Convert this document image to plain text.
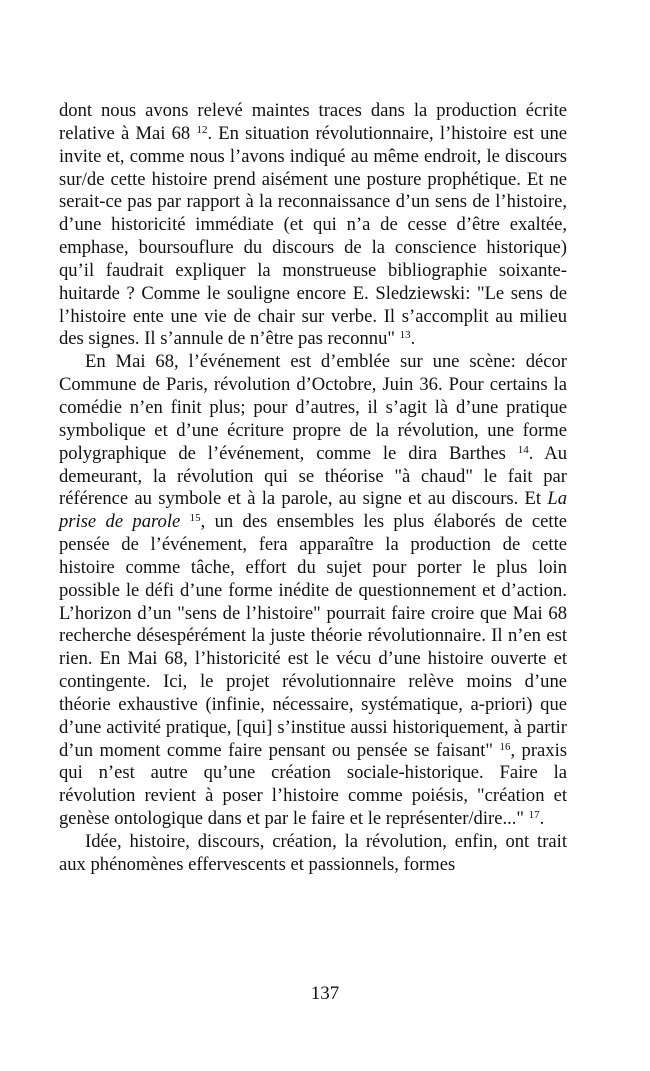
dont nous avons relevé maintes traces dans la production écrite relative à Mai 68 $^{12}$. En situation révolutionnaire, l’histoire est une invite et, comme nous l’avons indiqué au même endroit, le discours sur/de cette histoire prend aisément une posture prophétique. Et ne serait-ce pas par rapport à la reconnaissance d’un sens de l’histoire, d’une historicité immédiate (et qui n’a de cesse d’être exaltée, emphase, boursouflure du discours de la conscience historique) qu’il faudrait expliquer la monstrueuse bibliographie soixante-huitarde ? Comme le souligne encore E. Sledziewski: "Le sens de l’histoire ente une vie de chair sur verbe. Il s’accomplit au milieu des signes. Il s’annule de n’être pas reconnu" $^{13}$.

En Mai 68, l’événement est d’emblée sur une scène: décor Commune de Paris, révolution d’Octobre, Juin 36. Pour certains la comédie n’en finit plus; pour d’autres, il s’agit là d’une pratique symbolique et d’une écriture propre de la révolution, une forme polygraphique de l’événement, comme le dira Barthes $^{14}$. Au demeurant, la révolution qui se théorise "à chaud" le fait par référence au symbole et à la parole, au signe et au discours. Et La prise de parole $^{15}$, un des ensembles les plus élaborés de cette pensée de l’événement, fera apparaître la production de cette histoire comme tâche, effort du sujet pour porter le plus loin possible le défi d’une forme inédite de questionnement et d’action. L’horizon d’un "sens de l’histoire" pourrait faire croire que Mai 68 recherche désespérément la juste théorie révolutionnaire. Il n’en est rien. En Mai 68, l’historicité est le vécu d’une histoire ouverte et contingente. Ici, le projet révolutionnaire relève moins d’une théorie exhaustive (infinie, nécessaire, systématique, a-priori) que d’une activité pratique, [qui] s’institue aussi historiquement, à partir d’un moment comme faire pensant ou pensée se faisant" $^{16}$, praxis qui n’est autre qu’une création sociale-historique. Faire la révolution revient à poser l’histoire comme poiésis, "création et genèse ontologique dans et par le faire et le représenter/dire..." $^{17}$.

Idée, histoire, discours, création, la révolution, enfin, ont trait aux phénomènes effervescents et passionnels, formes

137
